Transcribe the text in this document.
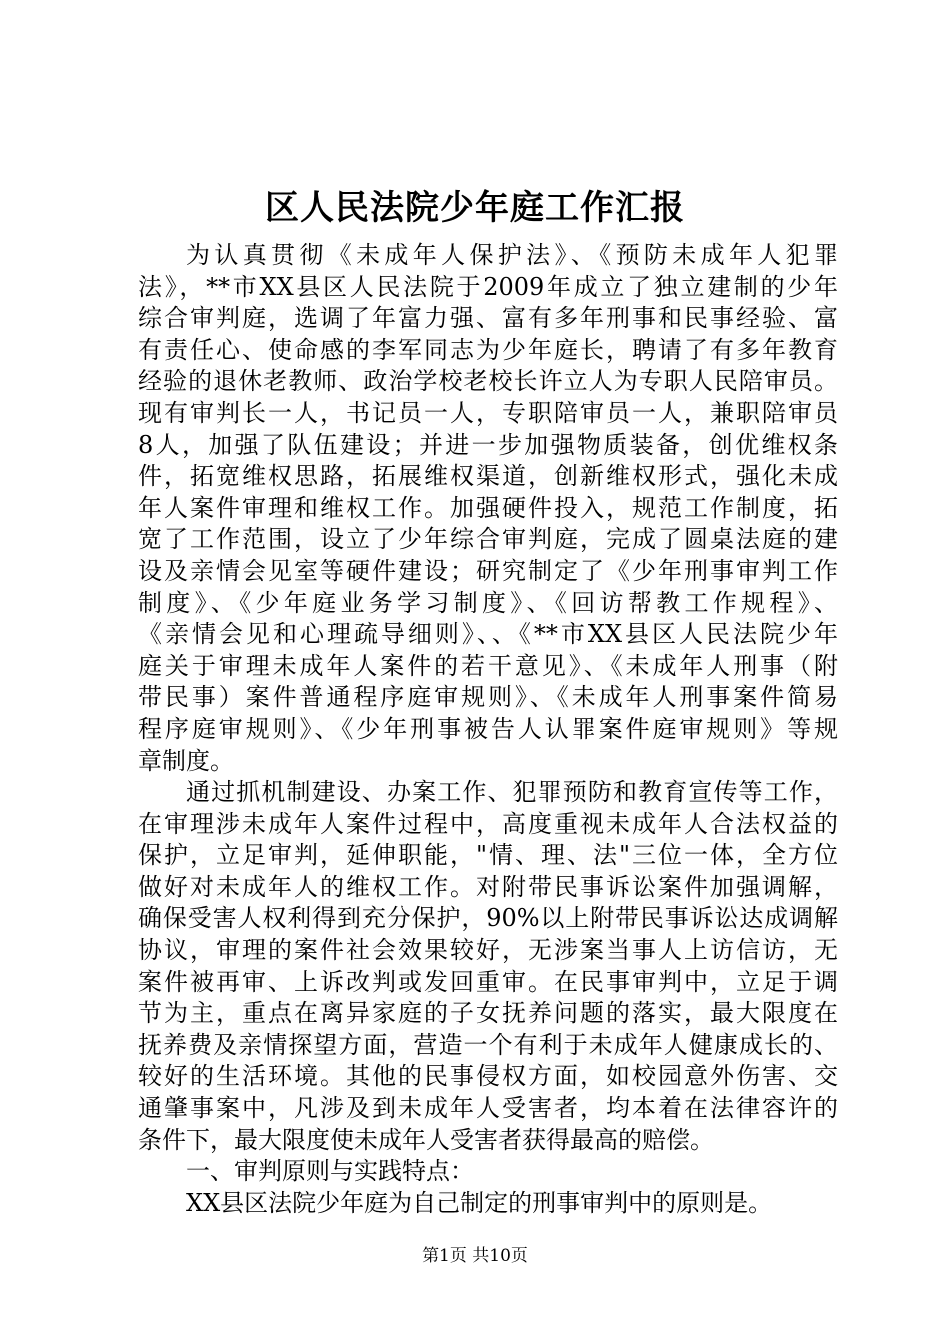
区人民法院少年庭工作汇报
为认真贯彻《未成年人保护法》、《预防未成年人犯罪
法》，**市XX县区人民法院于2009年成立了独立建制的少年
综合审判庭，选调了年富力强、富有多年刑事和民事经验、富
有责任心、使命感的李军同志为少年庭长，聘请了有多年教育
经验的退休老教师、政治学校老校长许立人为专职人民陪审员。
现有审判长一人，书记员一人，专职陪审员一人，兼职陪审员
8人，加强了队伍建设；并进一步加强物质装备，创优维权条
件，拓宽维权思路，拓展维权渠道，创新维权形式，强化未成
年人案件审理和维权工作。加强硬件投入，规范工作制度，拓
宽了工作范围，设立了少年综合审判庭，完成了圆桌法庭的建
设及亲情会见室等硬件建设；研究制定了《少年刑事审判工作
制度》、《少年庭业务学习制度》、《回访帮教工作规程》、
《亲情会见和心理疏导细则》、、《**市XX县区人民法院少年
庭关于审理未成年人案件的若干意见》、《未成年人刑事（附
带民事）案件普通程序庭审规则》、《未成年人刑事案件简易
程序庭审规则》、《少年刑事被告人认罪案件庭审规则》等规
章制度。
通过抓机制建设、办案工作、犯罪预防和教育宣传等工作，
在审理涉未成年人案件过程中，高度重视未成年人合法权益的
保护，立足审判，延伸职能，"情、理、法"三位一体，全方位
做好对未成年人的维权工作。对附带民事诉讼案件加强调解，
确保受害人权利得到充分保护，90%以上附带民事诉讼达成调解
协议，审理的案件社会效果较好，无涉案当事人上访信访，无
案件被再审、上诉改判或发回重审。在民事审判中，立足于调
节为主，重点在离异家庭的子女抚养问题的落实，最大限度在
抚养费及亲情探望方面，营造一个有利于未成年人健康成长的、
较好的生活环境。其他的民事侵权方面，如校园意外伤害、交
通肇事案中，凡涉及到未成年人受害者，均本着在法律容许的
条件下，最大限度使未成年人受害者获得最高的赔偿。
一、审判原则与实践特点：
XX县区法院少年庭为自己制定的刑事审判中的原则是。
第1页 共10页
